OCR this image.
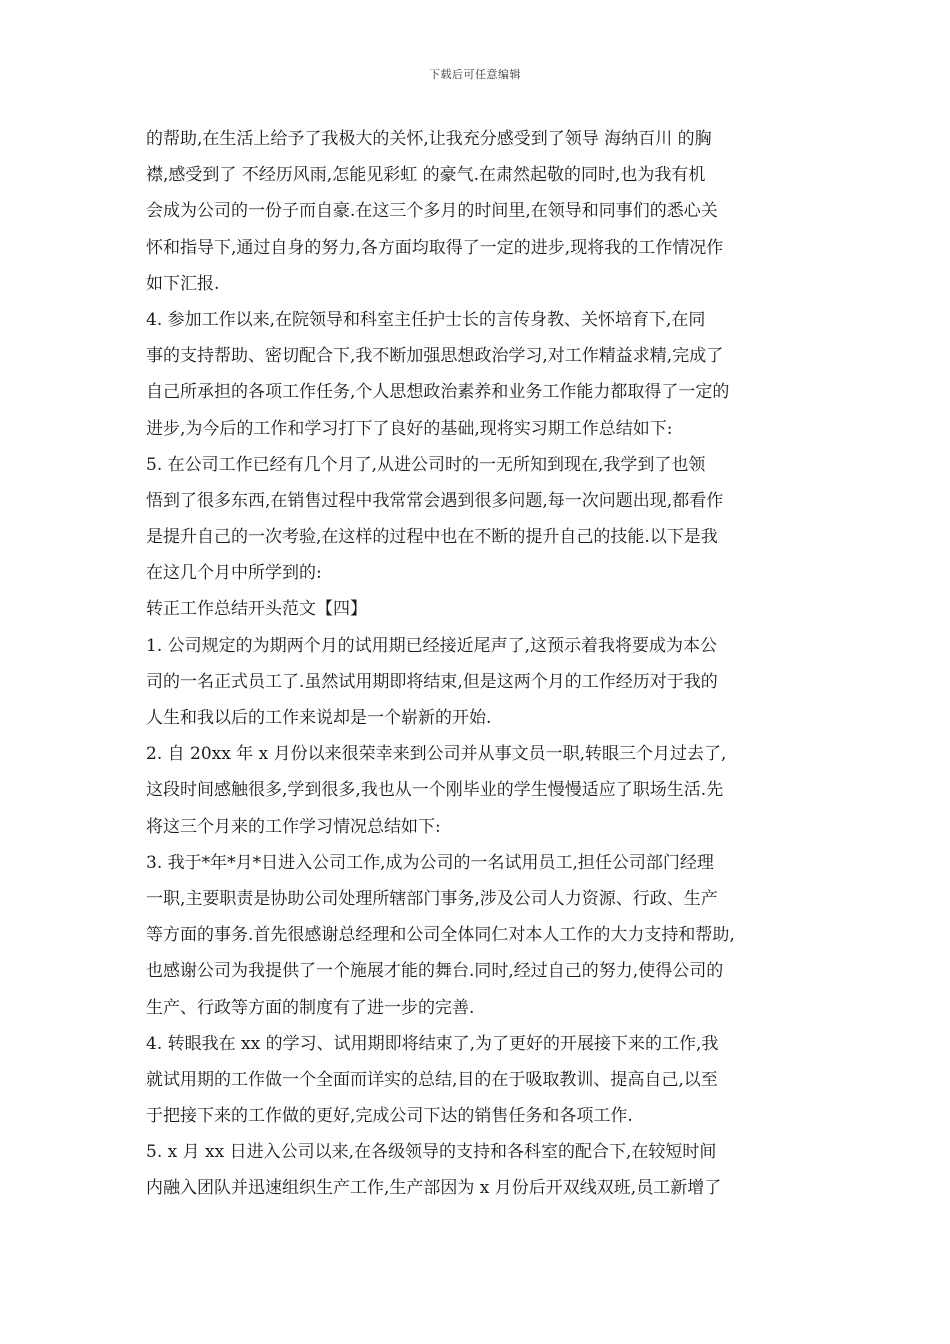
下载后可任意编辑
的帮助,在生活上给予了我极大的关怀,让我充分感受到了领导 海纳百川 的胸
襟,感受到了 不经历风雨,怎能见彩虹 的豪气.在肃然起敬的同时,也为我有机
会成为公司的一份子而自豪.在这三个多月的时间里,在领导和同事们的悉心关
怀和指导下,通过自身的努力,各方面均取得了一定的进步,现将我的工作情况作
如下汇报.
4. 参加工作以来,在院领导和科室主任护士长的言传身教、关怀培育下,在同
事的支持帮助、密切配合下,我不断加强思想政治学习,对工作精益求精,完成了
自己所承担的各项工作任务,个人思想政治素养和业务工作能力都取得了一定的
进步,为今后的工作和学习打下了良好的基础,现将实习期工作总结如下:
5. 在公司工作已经有几个月了,从进公司时的一无所知到现在,我学到了也领
悟到了很多东西,在销售过程中我常常会遇到很多问题,每一次问题出现,都看作
是提升自己的一次考验,在这样的过程中也在不断的提升自己的技能.以下是我
在这几个月中所学到的:
转正工作总结开头范文【四】
1. 公司规定的为期两个月的试用期已经接近尾声了,这预示着我将要成为本公
司的一名正式员工了.虽然试用期即将结束,但是这两个月的工作经历对于我的
人生和我以后的工作来说却是一个崭新的开始.
2. 自 20xx 年 x 月份以来很荣幸来到公司并从事文员一职,转眼三个月过去了,
这段时间感触很多,学到很多,我也从一个刚毕业的学生慢慢适应了职场生活.先
将这三个月来的工作学习情况总结如下:
3. 我于*年*月*日进入公司工作,成为公司的一名试用员工,担任公司部门经理
一职,主要职责是协助公司处理所辖部门事务,涉及公司人力资源、行政、生产
等方面的事务.首先很感谢总经理和公司全体同仁对本人工作的大力支持和帮助,
也感谢公司为我提供了一个施展才能的舞台.同时,经过自己的努力,使得公司的
生产、行政等方面的制度有了进一步的完善.
4. 转眼我在 xx 的学习、试用期即将结束了,为了更好的开展接下来的工作,我
就试用期的工作做一个全面而详实的总结,目的在于吸取教训、提高自己,以至
于把接下来的工作做的更好,完成公司下达的销售任务和各项工作.
5. x 月 xx 日进入公司以来,在各级领导的支持和各科室的配合下,在较短时间
内融入团队并迅速组织生产工作,生产部因为 x 月份后开双线双班,员工新增了
